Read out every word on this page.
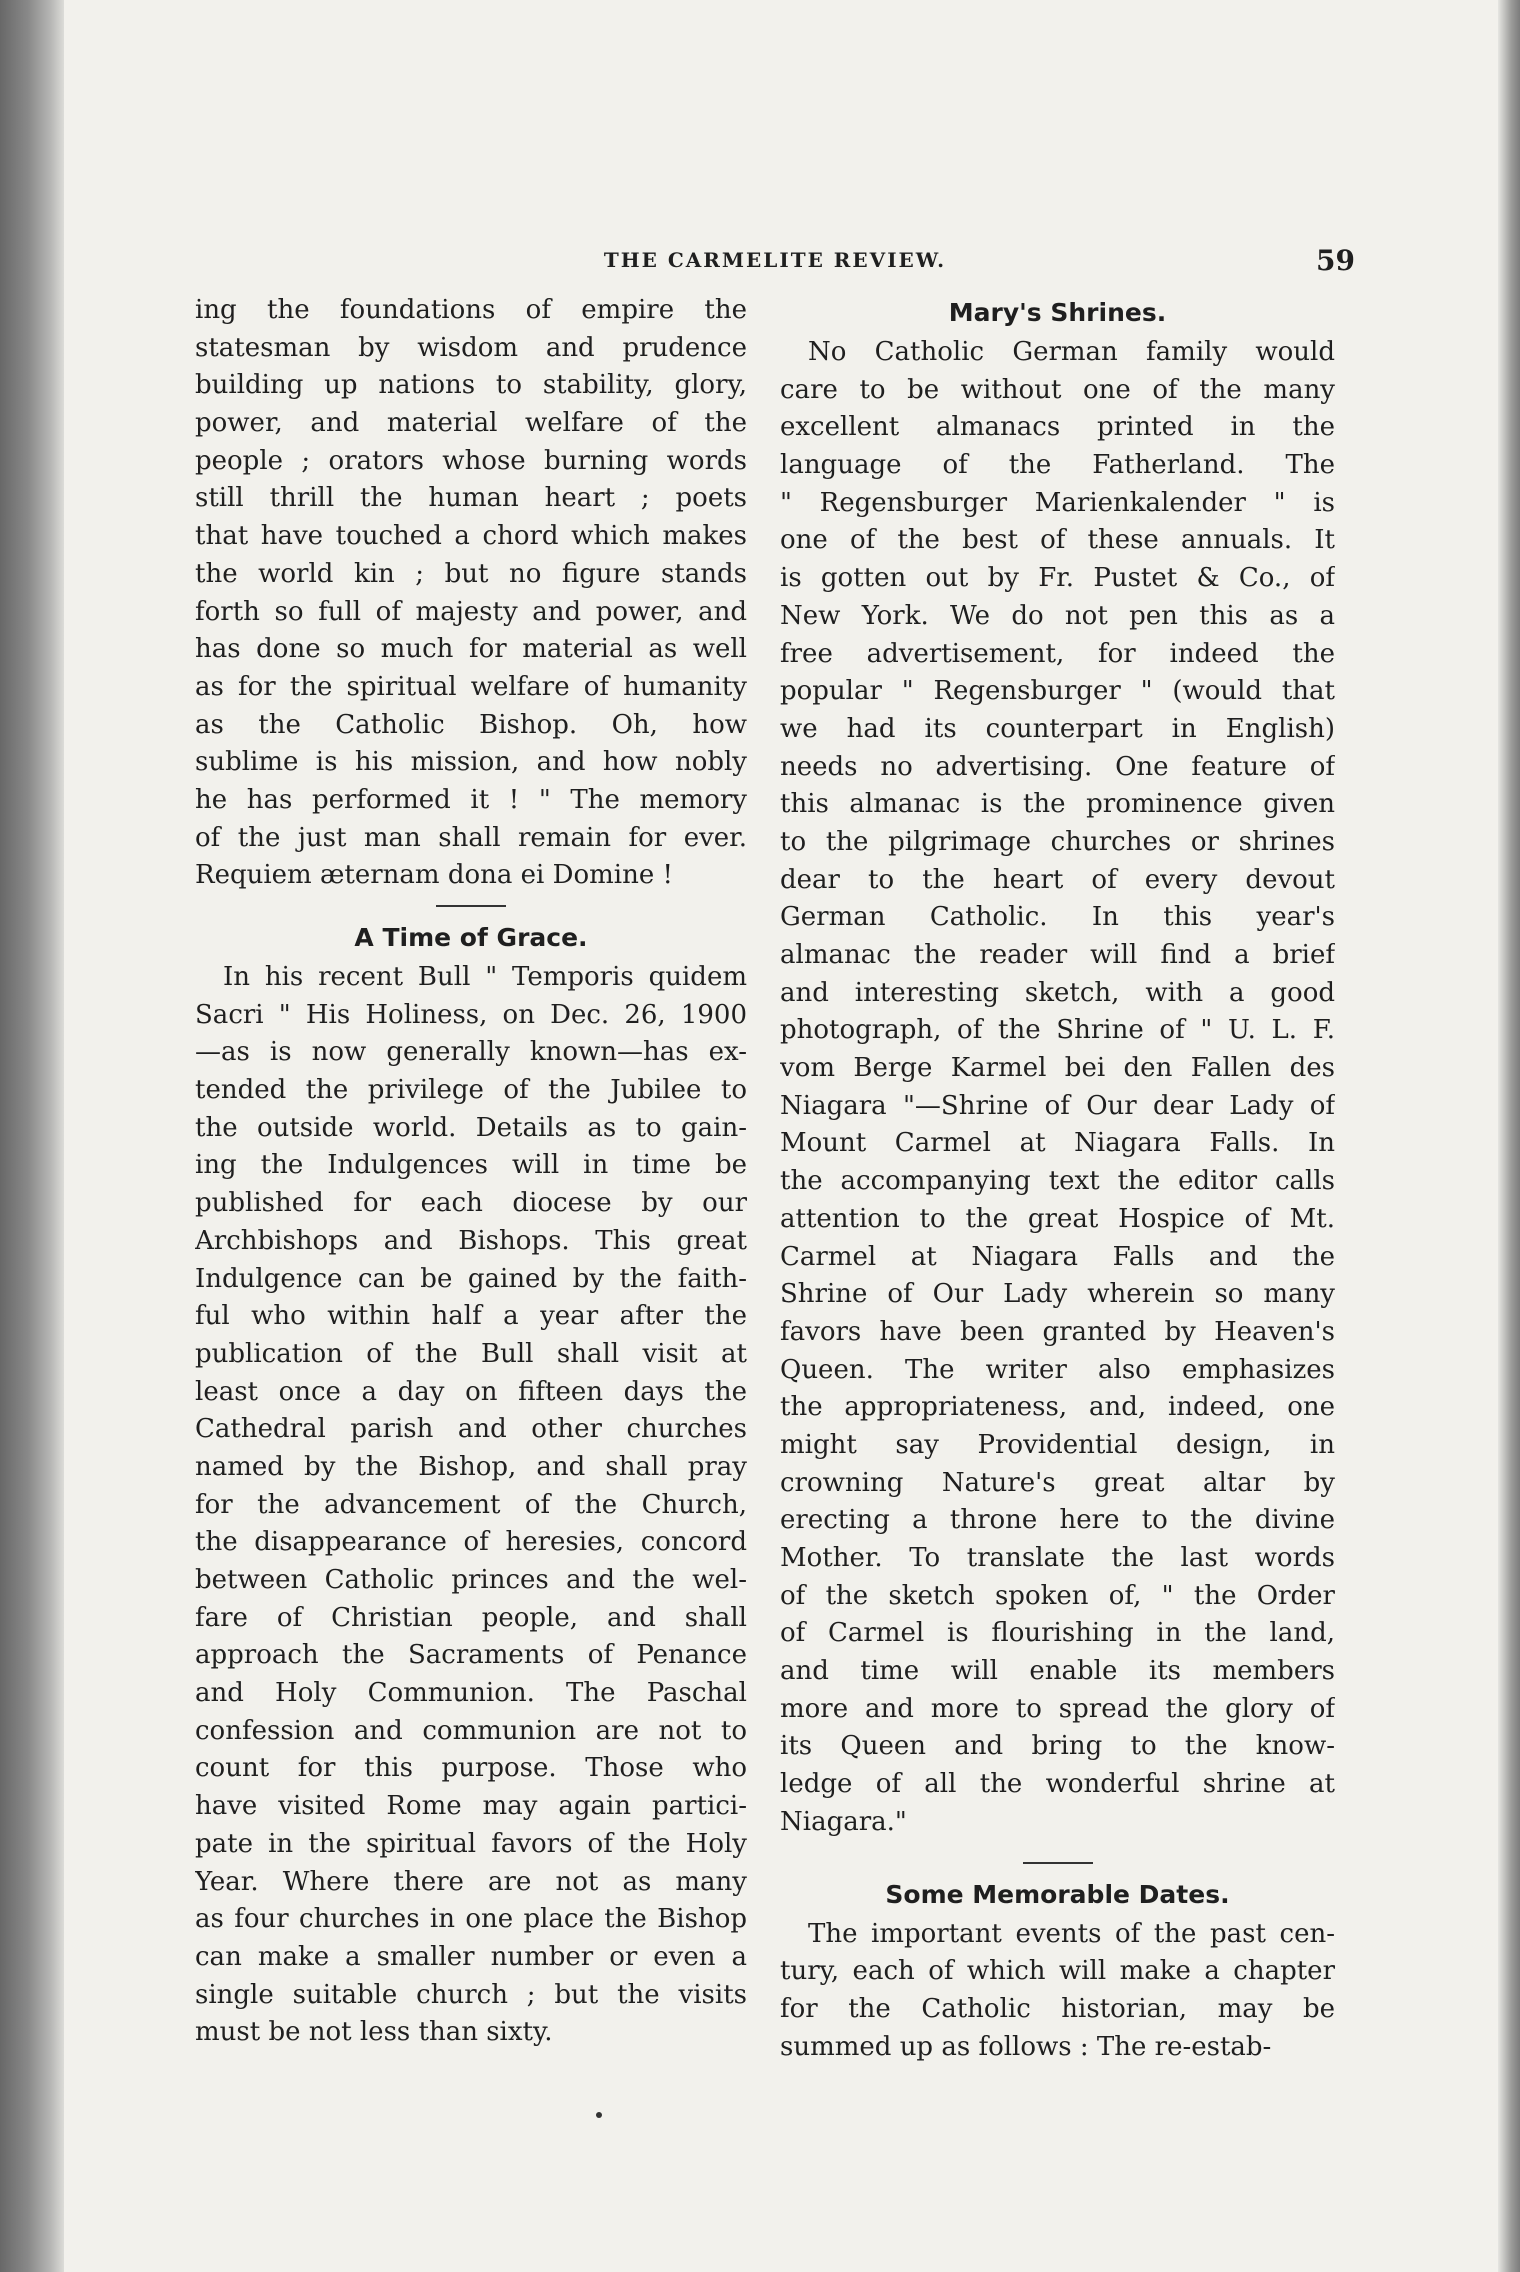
THE CARMELITE REVIEW.	59
ing the foundations of empire the
statesman by wisdom and prudence
building up nations to stability, glory,
power, and material welfare of the
people ; orators whose burning words
still thrill the human heart ; poets
that have touched a chord which makes
the world kin ; but no figure stands
forth so full of majesty and power, and
has done so much for material as well
as for the spiritual welfare of humanity
as the Catholic Bishop. Oh, how
sublime is his mission, and how nobly
he has performed it ! " The memory
of the just man shall remain for ever.
Requiem æternam dona ei Domine !
A Time of Grace.
In his recent Bull " Temporis quidem
Sacri " His Holiness, on Dec. 26, 1900
—as is now generally known—has ex-
tended the privilege of the Jubilee to
the outside world. Details as to gain-
ing the Indulgences will in time be
published for each diocese by our
Archbishops and Bishops. This great
Indulgence can be gained by the faith-
ful who within half a year after the
publication of the Bull shall visit at
least once a day on fifteen days the
Cathedral parish and other churches
named by the Bishop, and shall pray
for the advancement of the Church,
the disappearance of heresies, concord
between Catholic princes and the wel-
fare of Christian people, and shall
approach the Sacraments of Penance
and Holy Communion. The Paschal
confession and communion are not to
count for this purpose. Those who
have visited Rome may again partici-
pate in the spiritual favors of the Holy
Year. Where there are not as many
as four churches in one place the Bishop
can make a smaller number or even a
single suitable church ; but the visits
must be not less than sixty.
Mary's Shrines.
No Catholic German family would
care to be without one of the many
excellent almanacs printed in the
language of the Fatherland. The
" Regensburger Marienkalender " is
one of the best of these annuals. It
is gotten out by Fr. Pustet & Co., of
New York. We do not pen this as a
free advertisement, for indeed the
popular " Regensburger " (would that
we had its counterpart in English)
needs no advertising. One feature of
this almanac is the prominence given
to the pilgrimage churches or shrines
dear to the heart of every devout
German Catholic. In this year's
almanac the reader will find a brief
and interesting sketch, with a good
photograph, of the Shrine of " U. L. F.
vom Berge Karmel bei den Fallen des
Niagara "—Shrine of Our dear Lady of
Mount Carmel at Niagara Falls. In
the accompanying text the editor calls
attention to the great Hospice of Mt.
Carmel at Niagara Falls and the
Shrine of Our Lady wherein so many
favors have been granted by Heaven's
Queen. The writer also emphasizes
the appropriateness, and, indeed, one
might say Providential design, in
crowning Nature's great altar by
erecting a throne here to the divine
Mother. To translate the last words
of the sketch spoken of, " the Order
of Carmel is flourishing in the land,
and time will enable its members
more and more to spread the glory of
its Queen and bring to the know-
ledge of all the wonderful shrine at
Niagara."
Some Memorable Dates.
The important events of the past cen-
tury, each of which will make a chapter
for the Catholic historian, may be
summed up as follows : The re-estab-
